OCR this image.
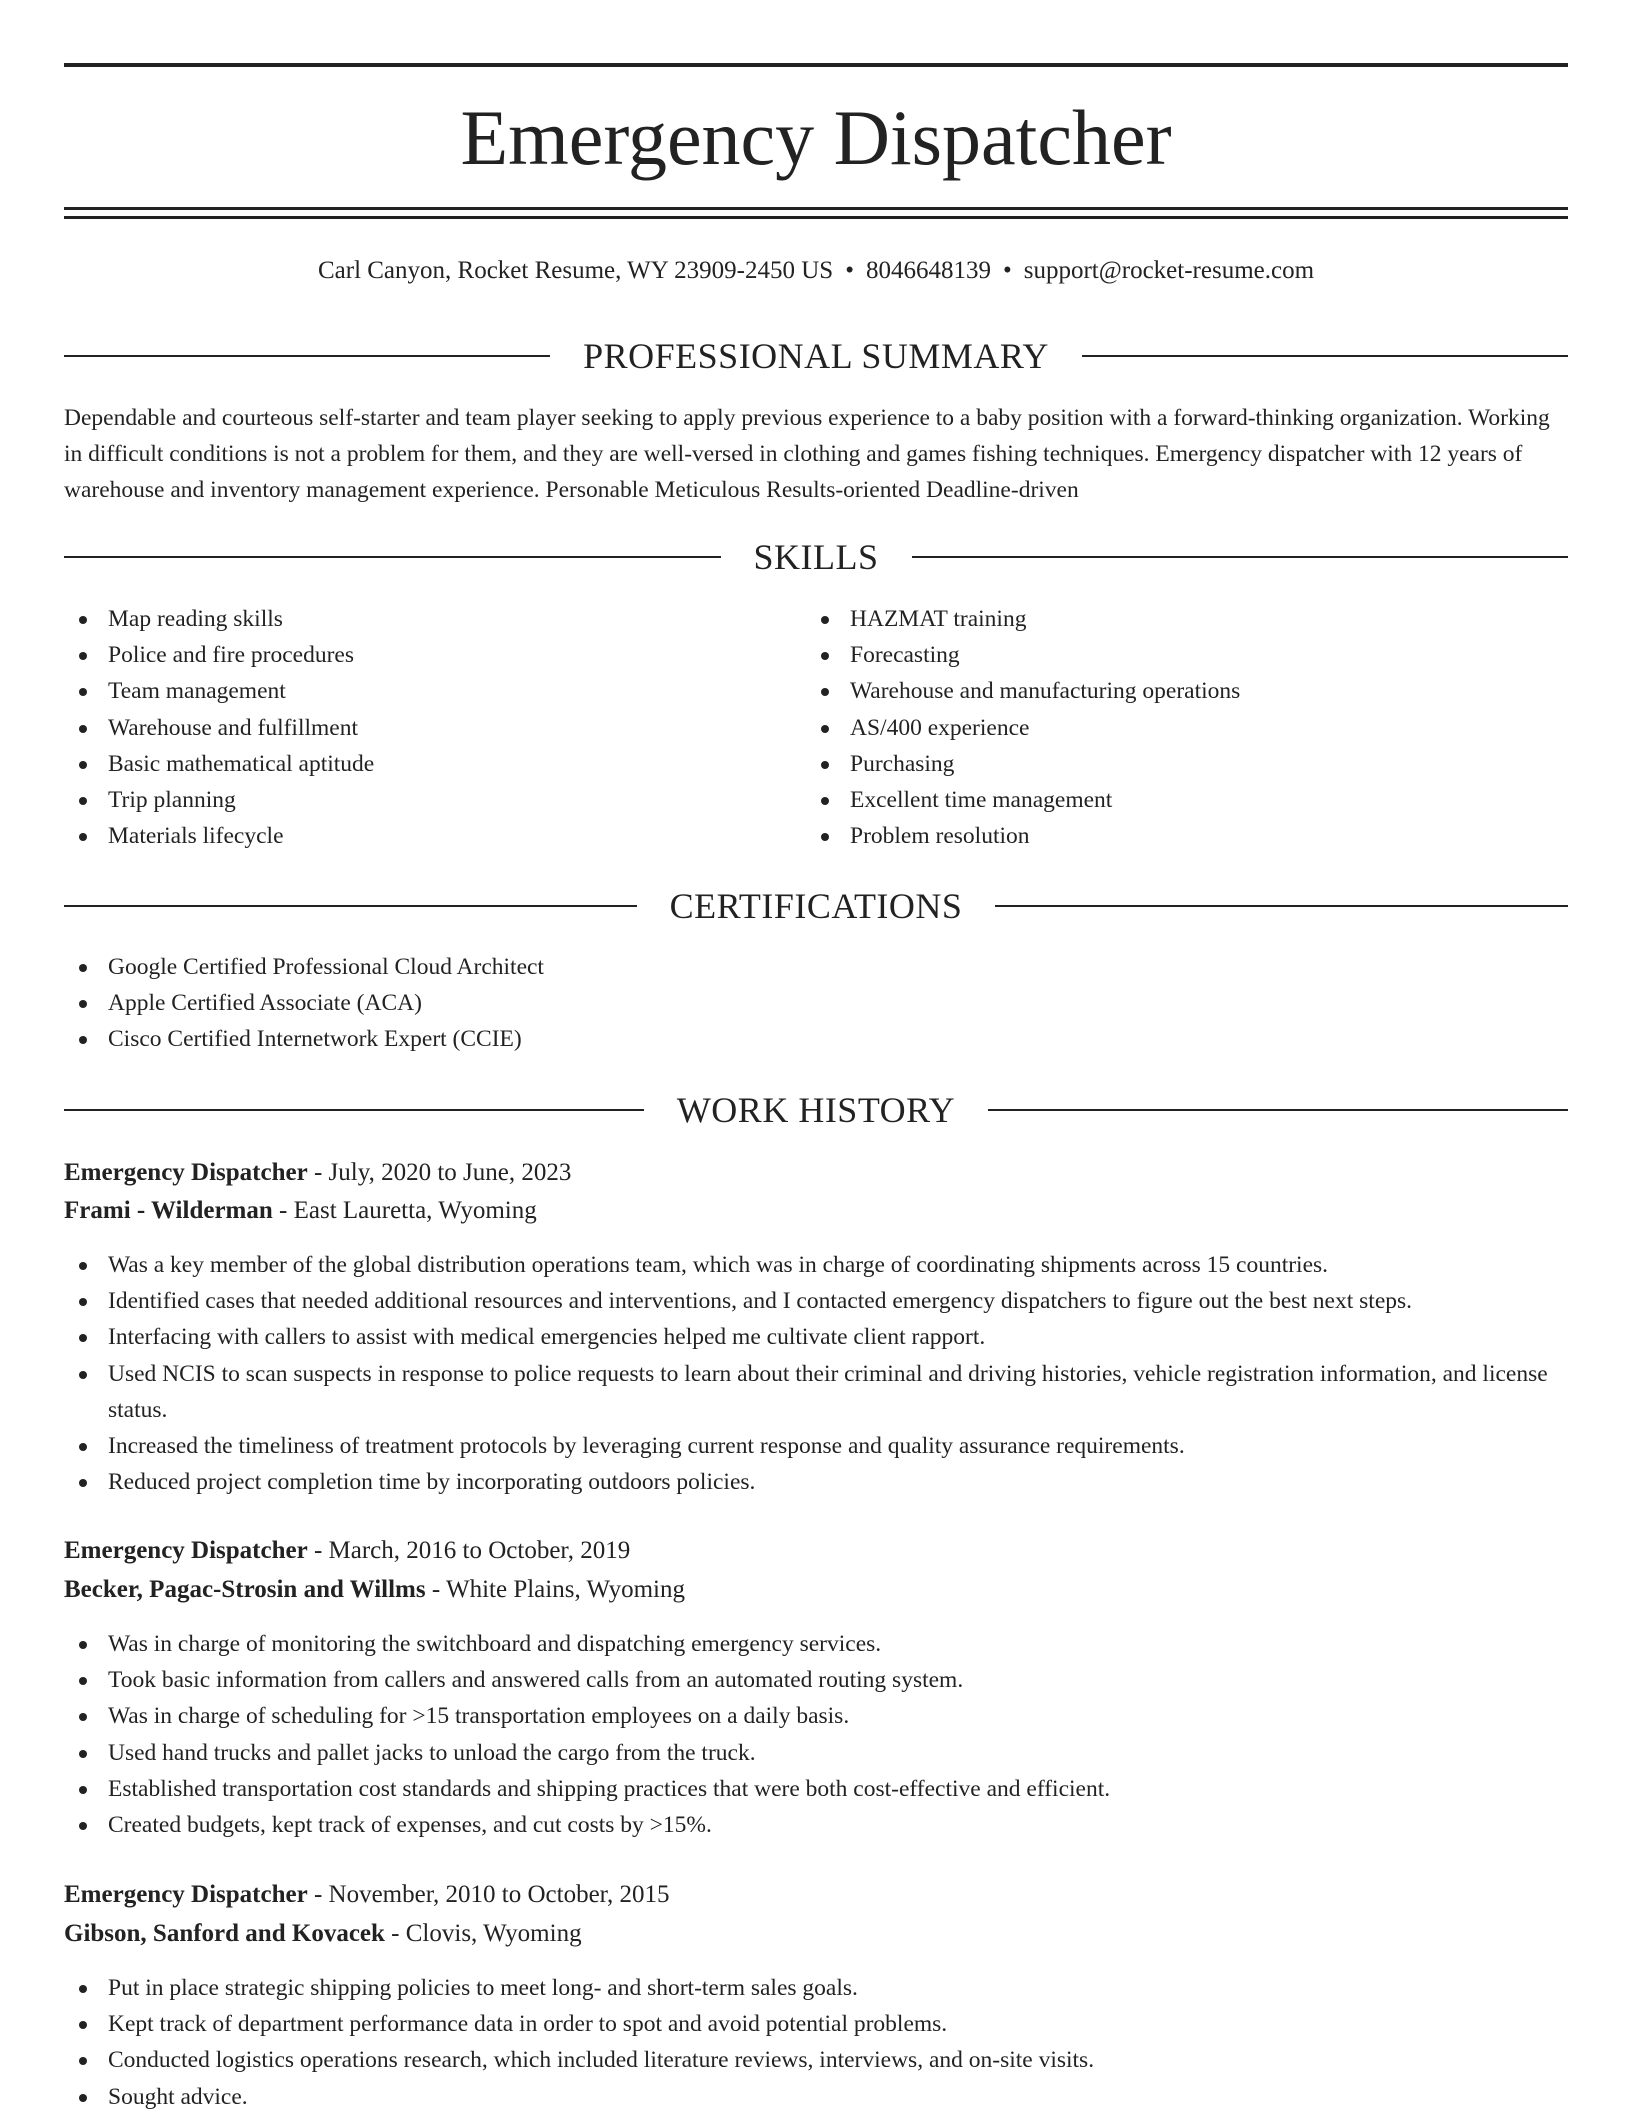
Emergency Dispatcher
Carl Canyon, Rocket Resume, WY 23909-2450 US • 8046648139 • support@rocket-resume.com
PROFESSIONAL SUMMARY

Dependable and courteous self-starter and team player seeking to apply previous experience to a baby position with a forward-thinking organization. Working in difficult conditions is not a problem for them, and they are well-versed in clothing and games fishing techniques. Emergency dispatcher with 12 years of warehouse and inventory management experience. Personable Meticulous Results-oriented Deadline-driven

SKILLS
Map reading skills
Police and fire procedures
Team management
Warehouse and fulfillment
Basic mathematical aptitude
Trip planning
Materials lifecycle
HAZMAT training
Forecasting
Warehouse and manufacturing operations
AS/400 experience
Purchasing
Excellent time management
Problem resolution
CERTIFICATIONS
Google Certified Professional Cloud Architect
Apple Certified Associate (ACA)
Cisco Certified Internetwork Expert (CCIE)
WORK HISTORY
Emergency Dispatcher - July, 2020 to June, 2023
Frami - Wilderman - East Lauretta, Wyoming
Was a key member of the global distribution operations team, which was in charge of coordinating shipments across 15 countries.
Identified cases that needed additional resources and interventions, and I contacted emergency dispatchers to figure out the best next steps.
Interfacing with callers to assist with medical emergencies helped me cultivate client rapport.
Used NCIS to scan suspects in response to police requests to learn about their criminal and driving histories, vehicle registration information, and license status.
Increased the timeliness of treatment protocols by leveraging current response and quality assurance requirements.
Reduced project completion time by incorporating outdoors policies.
Emergency Dispatcher - March, 2016 to October, 2019
Becker, Pagac-Strosin and Willms - White Plains, Wyoming
Was in charge of monitoring the switchboard and dispatching emergency services.
Took basic information from callers and answered calls from an automated routing system.
Was in charge of scheduling for >15 transportation employees on a daily basis.
Used hand trucks and pallet jacks to unload the cargo from the truck.
Established transportation cost standards and shipping practices that were both cost-effective and efficient.
Created budgets, kept track of expenses, and cut costs by >15%.
Emergency Dispatcher - November, 2010 to October, 2015
Gibson, Sanford and Kovacek - Clovis, Wyoming
Put in place strategic shipping policies to meet long- and short-term sales goals.
Kept track of department performance data in order to spot and avoid potential problems.
Conducted logistics operations research, which included literature reviews, interviews, and on-site visits.
Sought advice.
